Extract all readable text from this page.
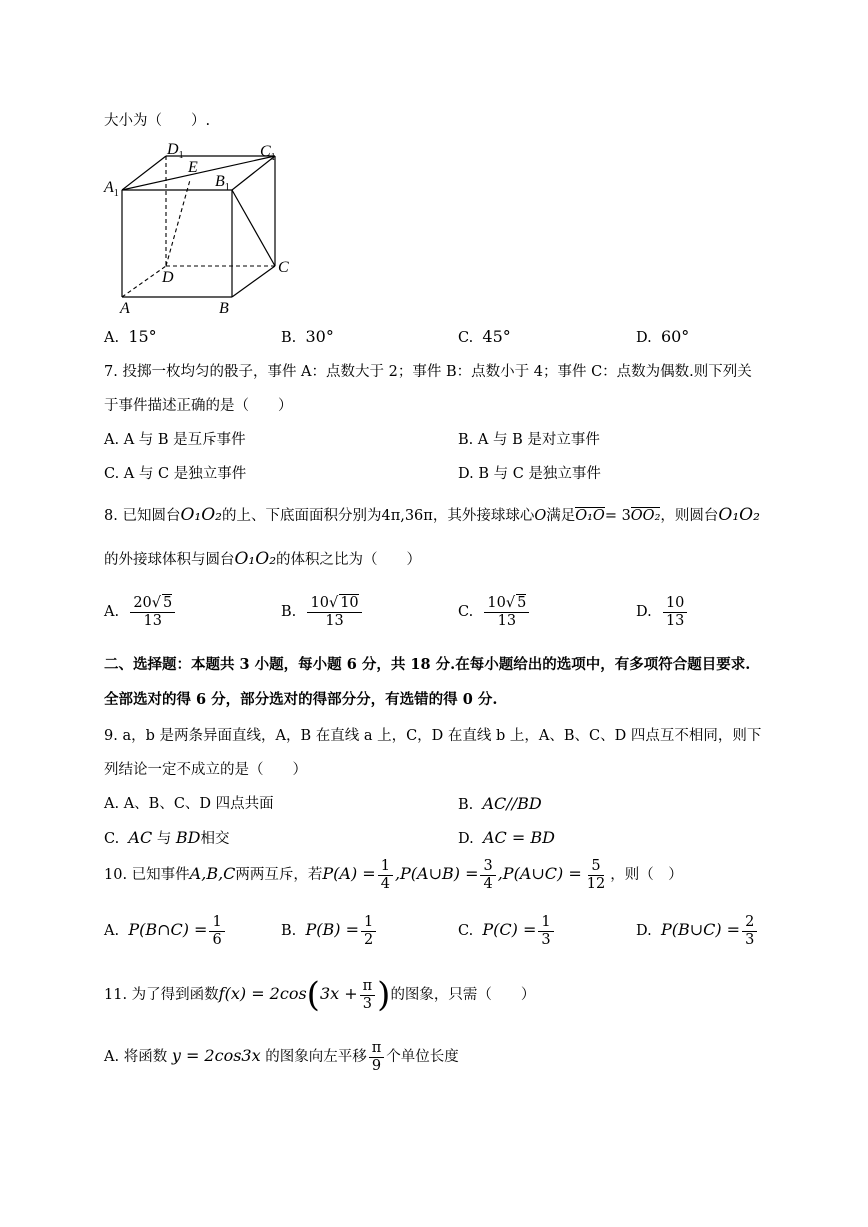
大小为（　　）.
$D_1$	$C_1$
$A_1$
$B_1$
E
D
C
A	B
A. 15°	B. 30°	C. 45°	D. 60°
7. 投掷一枚均匀的骰子，事件 A：点数大于 2；事件 B：点数小于 4；事件 C：点数为偶数.则下列关
于事件描述正确的是（　　）
A. A 与 B 是互斥事件	B. A 与 B 是对立事件
C. A 与 C 是独立事件	D. B 与 C 是独立事件
8. 已知圆台O₁O₂的上、下底面面积分别为4π,36π，其外接球球心O满足O₁O= 3OO₂，则圆台O₁O₂
的外接球体积与圆台O₁O₂的体积之比为（　　）
A. $\frac{20√ 5}{13}$	B. $\frac{10√ 10}{13}$	C. $\frac{10√ 5}{13}$	D. $\frac{10}{13}$
二、选择题：本题共 3 小题，每小题 6 分，共 18 分.在每小题给出的选项中，有多项符合题目要求.
全部选对的得 6 分，部分选对的得部分分，有选错的得 0 分.
9. a，b 是两条异面直线，A，B 在直线 a 上，C，D 在直线 b 上，A、B、C、D 四点互不相同，则下
列结论一定不成立的是（　　）
A. A、B、C、D 四点共面	B. AC//BD
C. AC 与 BD相交	D. AC = BD
10. 已知事件A,B,C两两互斥，若$P(A) = \frac{1}{4}$ ,P(A∪B) = $\frac{3}{4}$ ,P(A∪C) = $\frac{5}{12}$ ，则（　）
A. P(B∩C) = $\frac{1}{6}$	B. $P(B) = \frac{1}{2}$	C. $P(C) = \frac{1}{3}$	D. P(B∪C) = $\frac{2}{3}$
11. 为了得到函数$f(x) = 2\cos(3x + \frac{\pi}{3}$ )的图象，只需（　　）
A. 将函数 y = 2cos3x 的图象向左平移 $\frac{\pi}{9}$ 个单位长度
